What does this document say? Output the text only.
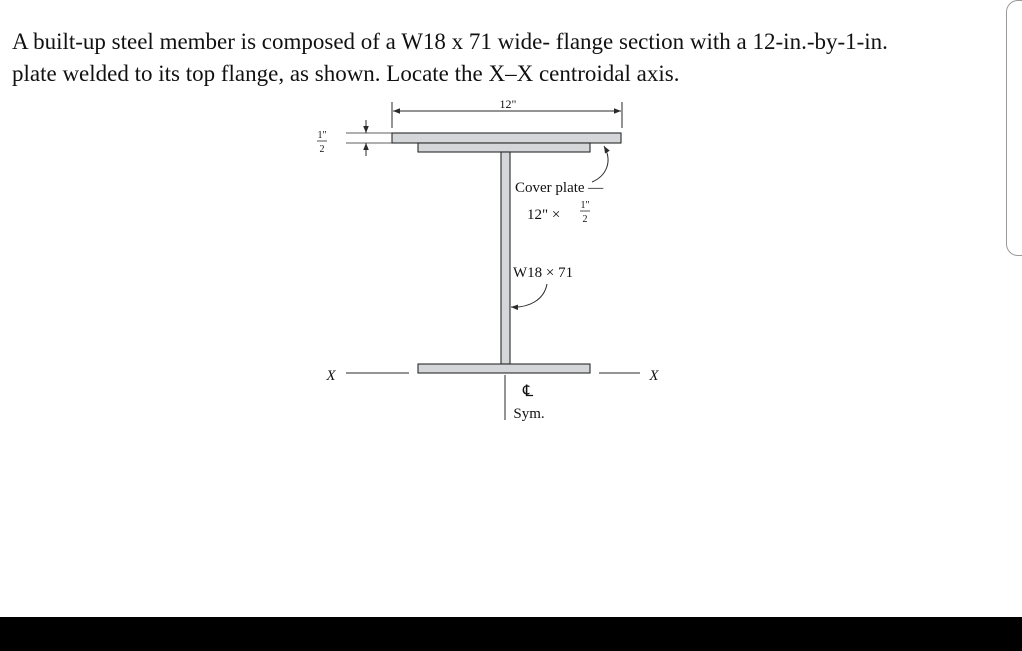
A built-up steel member is composed of a W18 x 71 wide- flange section with a 12-in.-by-1-in.
plate welded to its top flange, as shown. Locate the X–X centroidal axis.
12"
1"
2
X	X
℄
Sym.
Cover plate —
12" ×
1"
2
W18 × 71
